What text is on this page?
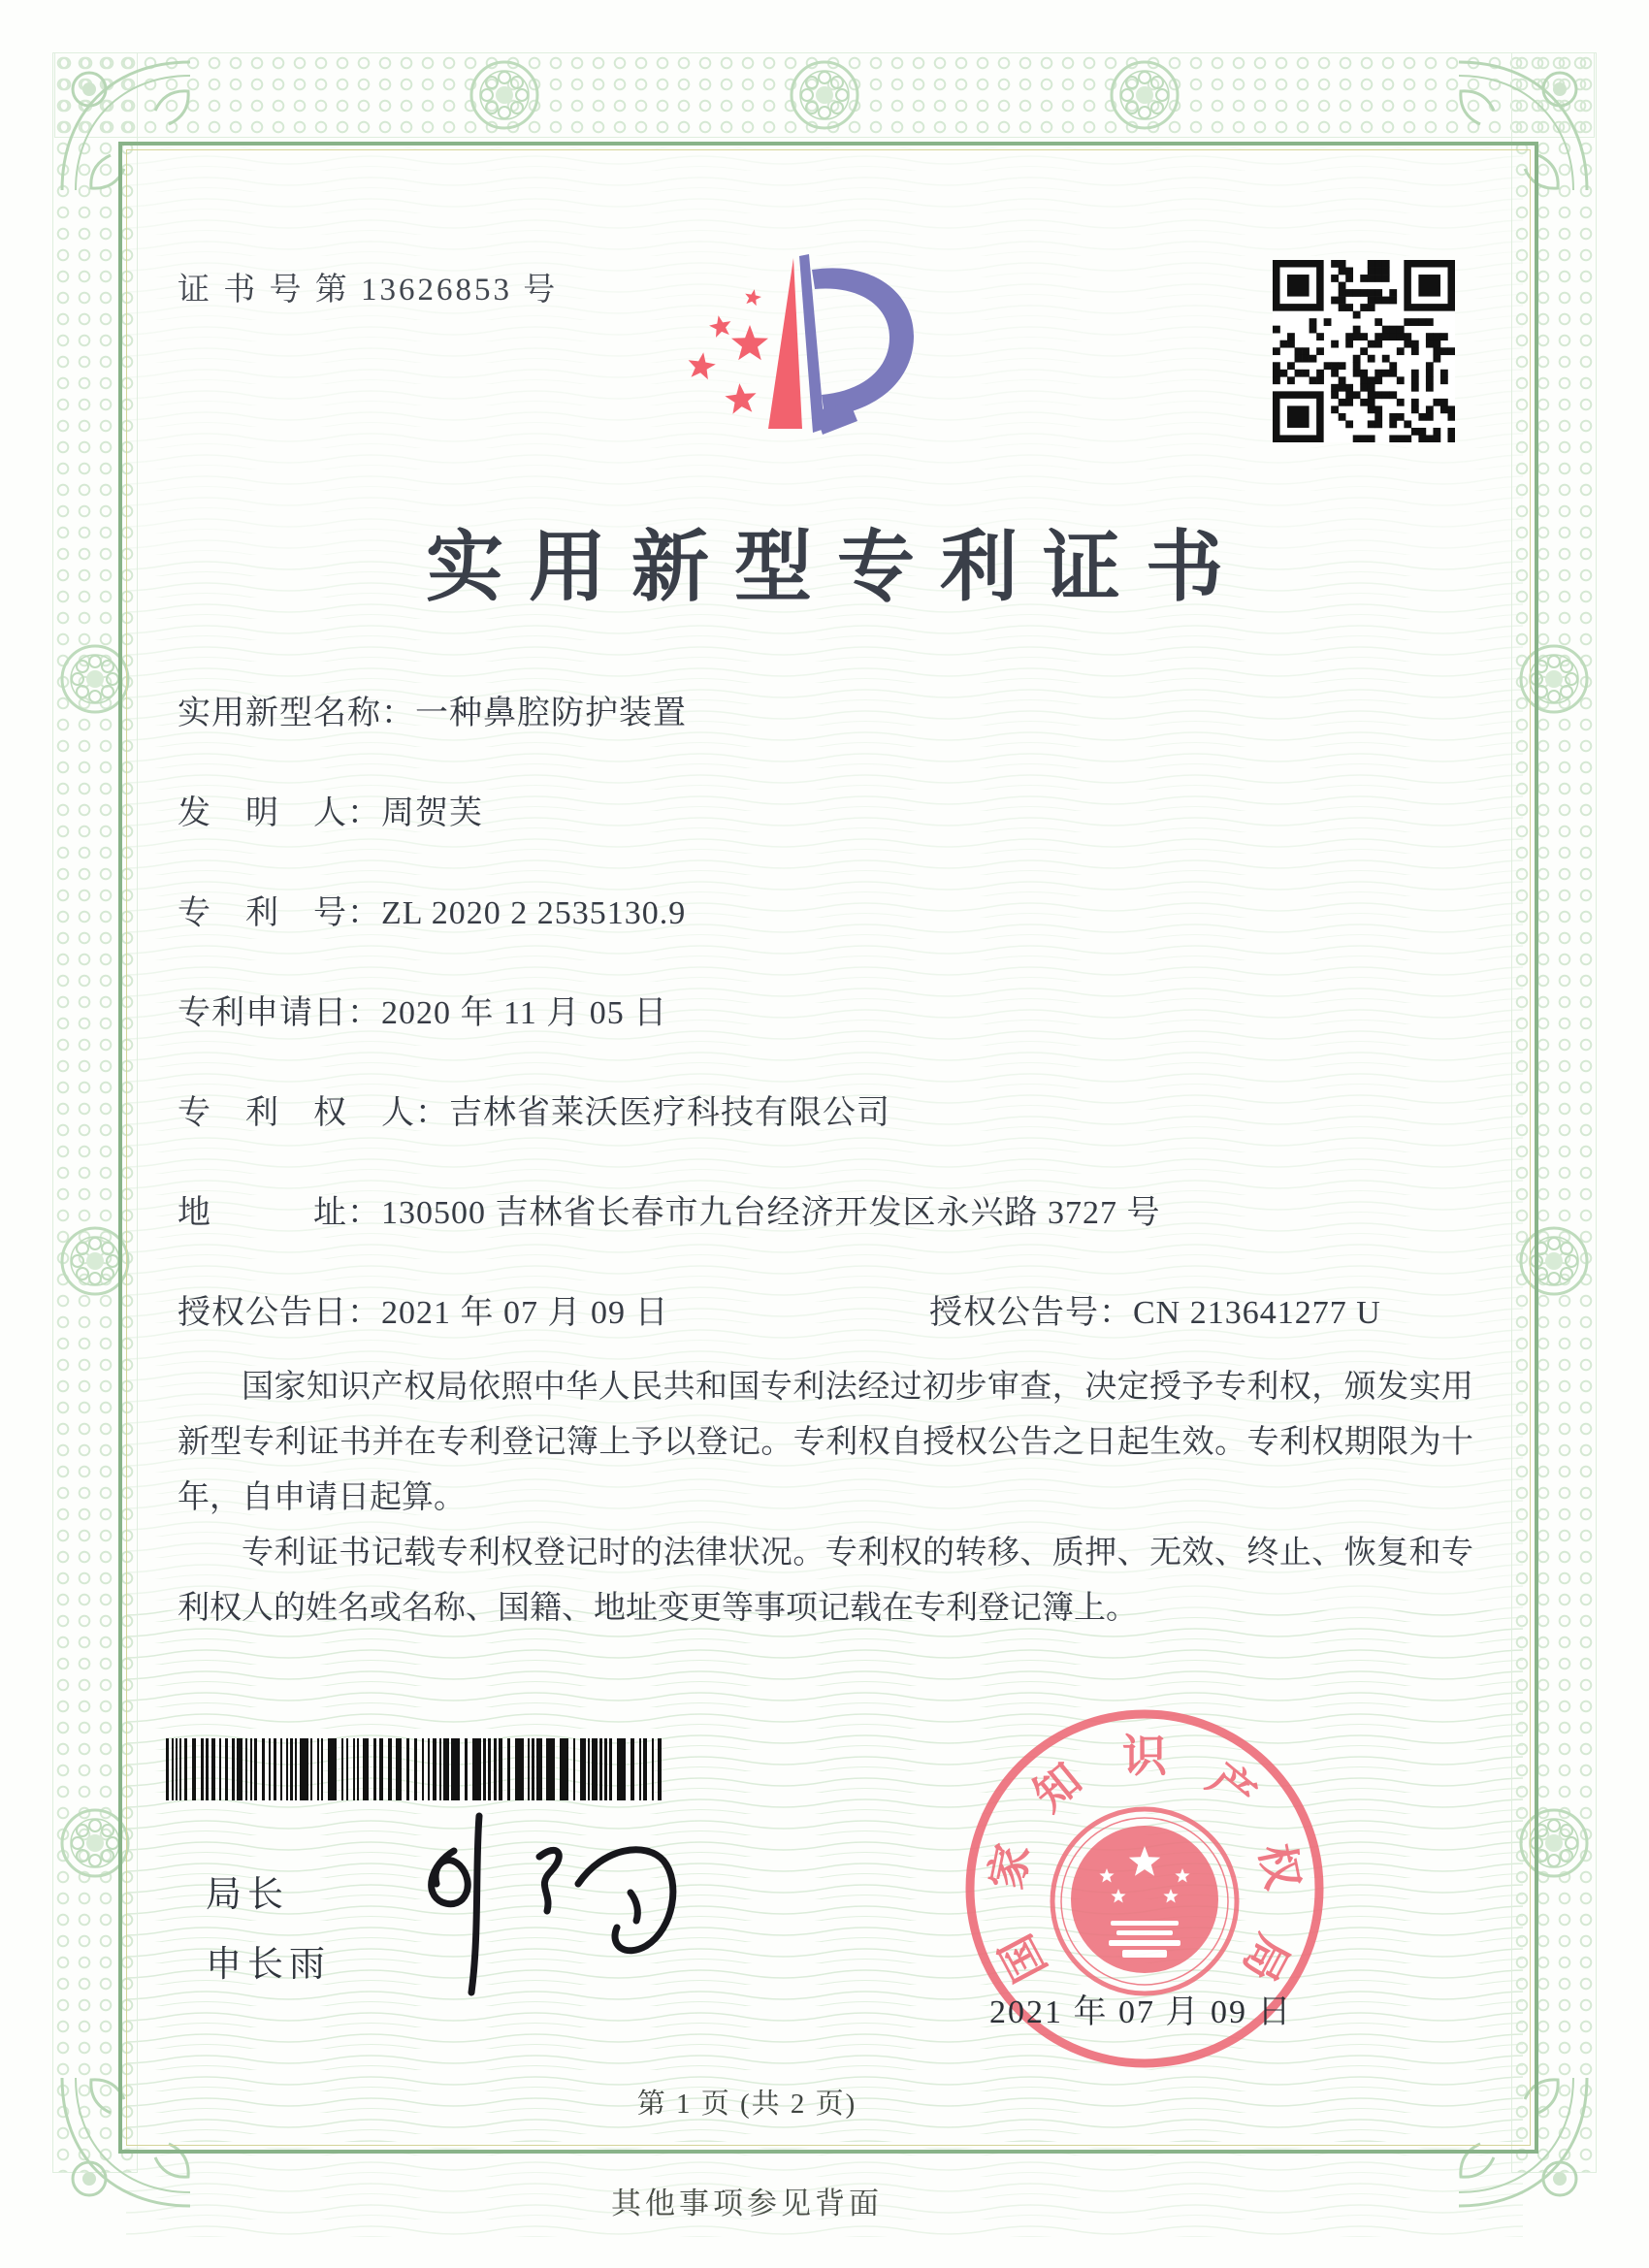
证 书 号 第 13626853 号
实用新型专利证书
实用新型名称：一种鼻腔防护装置
发　明　人：周贺芙
专　利　号：ZL 2020 2 2535130.9
专利申请日：2020 年 11 月 05 日
专　利　权　人：吉林省莱沃医疗科技有限公司
地　　　址：130500 吉林省长春市九台经济开发区永兴路 3727 号
授权公告日：2021 年 07 月 09 日	授权公告号：CN 213641277 U

国家知识产权局依照中华人民共和国专利法经过初步审查，决定授予专利权，颁发实用新型专利证书并在专利登记簿上予以登记。专利权自授权公告之日起生效。专利权期限为十年，自申请日起算。

专利证书记载专利权登记时的法律状况。专利权的转移、质押、无效、终止、恢复和专利权人的姓名或名称、国籍、地址变更等事项记载在专利登记簿上。

局长
申长雨	国
家
知 识 产
权
局
2021 年 07 月 09 日
第 1 页 (共 2 页)
其他事项参见背面
